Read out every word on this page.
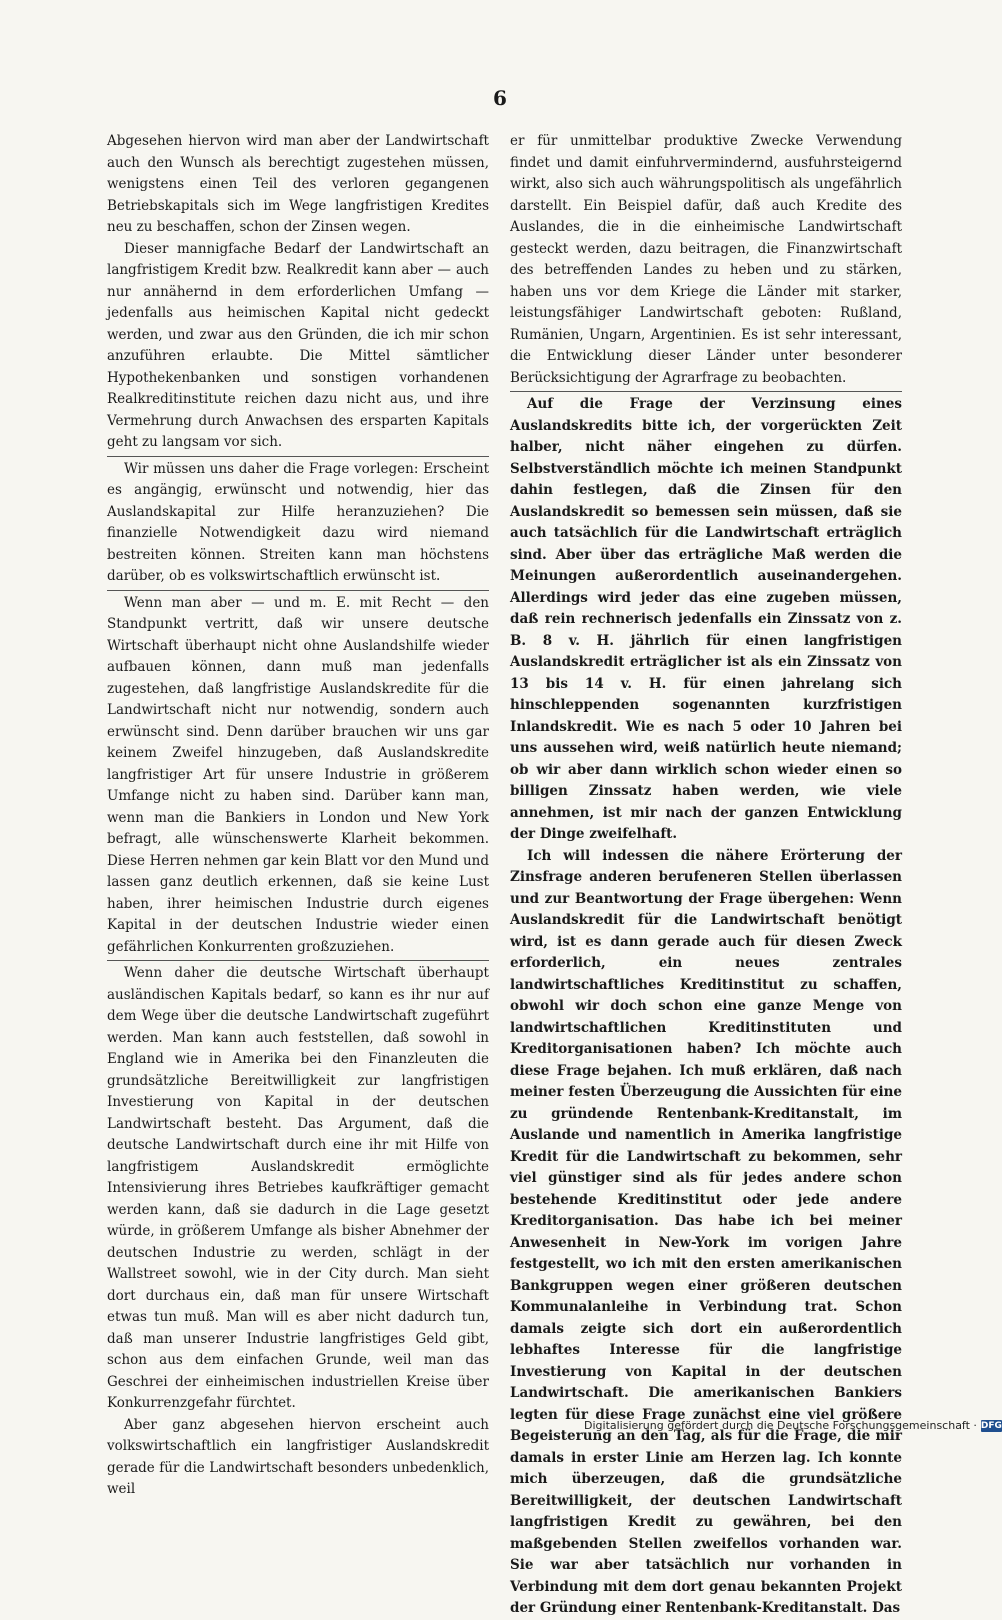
6

Abgesehen hiervon wird man aber der Landwirtschaft auch den Wunsch als berechtigt zugestehen müssen, wenigstens einen Teil des verloren gegangenen Betriebskapitals sich im Wege langfristigen Kredites neu zu beschaffen, schon der Zinsen wegen.

Dieser mannigfache Bedarf der Landwirtschaft an langfristigem Kredit bzw. Realkredit kann aber — auch nur annähernd in dem erforderlichen Umfang — jedenfalls aus heimischen Kapital nicht gedeckt werden, und zwar aus den Gründen, die ich mir schon anzuführen erlaubte. Die Mittel sämtlicher Hypothekenbanken und sonstigen vorhandenen Realkreditinstitute reichen dazu nicht aus, und ihre Vermehrung durch Anwachsen des ersparten Kapitals geht zu langsam vor sich.

Wir müssen uns daher die Frage vorlegen: Erscheint es angängig, erwünscht und notwendig, hier das Auslandskapital zur Hilfe heranzuziehen? Die finanzielle Notwendigkeit dazu wird niemand bestreiten können. Streiten kann man höchstens darüber, ob es volkswirtschaftlich erwünscht ist.

Wenn man aber — und m. E. mit Recht — den Standpunkt vertritt, daß wir unsere deutsche Wirtschaft überhaupt nicht ohne Auslandshilfe wieder aufbauen können, dann muß man jedenfalls zugestehen, daß langfristige Auslandskredite für die Landwirtschaft nicht nur notwendig, sondern auch erwünscht sind. Denn darüber brauchen wir uns gar keinem Zweifel hinzugeben, daß Auslandskredite langfristiger Art für unsere Industrie in größerem Umfange nicht zu haben sind. Darüber kann man, wenn man die Bankiers in London und New York befragt, alle wünschenswerte Klarheit bekommen. Diese Herren nehmen gar kein Blatt vor den Mund und lassen ganz deutlich erkennen, daß sie keine Lust haben, ihrer heimischen Industrie durch eigenes Kapital in der deutschen Industrie wieder einen gefährlichen Konkurrenten großzuziehen.

Wenn daher die deutsche Wirtschaft überhaupt ausländischen Kapitals bedarf, so kann es ihr nur auf dem Wege über die deutsche Landwirtschaft zugeführt werden. Man kann auch feststellen, daß sowohl in England wie in Amerika bei den Finanzleuten die grundsätzliche Bereitwilligkeit zur langfristigen Investierung von Kapital in der deutschen Landwirtschaft besteht. Das Argument, daß die deutsche Landwirtschaft durch eine ihr mit Hilfe von langfristigem Auslandskredit ermöglichte Intensivierung ihres Betriebes kaufkräftiger gemacht werden kann, daß sie dadurch in die Lage gesetzt würde, in größerem Umfange als bisher Abnehmer der deutschen Industrie zu werden, schlägt in der Wallstreet sowohl, wie in der City durch. Man sieht dort durchaus ein, daß man für unsere Wirtschaft etwas tun muß. Man will es aber nicht dadurch tun, daß man unserer Industrie langfristiges Geld gibt, schon aus dem einfachen Grunde, weil man das Geschrei der einheimischen industriellen Kreise über Konkurrenzgefahr fürchtet.

Aber ganz abgesehen hiervon erscheint auch volkswirtschaftlich ein langfristiger Auslandskredit gerade für die Landwirtschaft besonders unbedenklich, weil

er für unmittelbar produktive Zwecke Verwendung findet und damit einfuhrvermindernd, ausfuhrsteigernd wirkt, also sich auch währungspolitisch als ungefährlich darstellt. Ein Beispiel dafür, daß auch Kredite des Auslandes, die in die einheimische Landwirtschaft gesteckt werden, dazu beitragen, die Finanzwirtschaft des betreffenden Landes zu heben und zu stärken, haben uns vor dem Kriege die Länder mit starker, leistungsfähiger Landwirtschaft geboten: Rußland, Rumänien, Ungarn, Argentinien. Es ist sehr interessant, die Entwicklung dieser Länder unter besonderer Berücksichtigung der Agrarfrage zu beobachten.

Auf die Frage der Verzinsung eines Auslandskredits bitte ich, der vorgerückten Zeit halber, nicht näher eingehen zu dürfen. Selbstverständlich möchte ich meinen Standpunkt dahin festlegen, daß die Zinsen für den Auslandskredit so bemessen sein müssen, daß sie auch tatsächlich für die Landwirtschaft erträglich sind. Aber über das erträgliche Maß werden die Meinungen außerordentlich auseinandergehen. Allerdings wird jeder das eine zugeben müssen, daß rein rechnerisch jedenfalls ein Zinssatz von z. B. 8 v. H. jährlich für einen langfristigen Auslandskredit erträglicher ist als ein Zinssatz von 13 bis 14 v. H. für einen jahrelang sich hinschleppenden sogenannten kurzfristigen Inlandskredit. Wie es nach 5 oder 10 Jahren bei uns aussehen wird, weiß natürlich heute niemand; ob wir aber dann wirklich schon wieder einen so billigen Zinssatz haben werden, wie viele annehmen, ist mir nach der ganzen Entwicklung der Dinge zweifelhaft.

Ich will indessen die nähere Erörterung der Zinsfrage anderen berufeneren Stellen überlassen und zur Beantwortung der Frage übergehen: Wenn Auslandskredit für die Landwirtschaft benötigt wird, ist es dann gerade auch für diesen Zweck erforderlich, ein neues zentrales landwirtschaftliches Kreditinstitut zu schaffen, obwohl wir doch schon eine ganze Menge von landwirtschaftlichen Kreditinstituten und Kreditorganisationen haben? Ich möchte auch diese Frage bejahen. Ich muß erklären, daß nach meiner festen Überzeugung die Aussichten für eine zu gründende Rentenbank-Kreditanstalt, im Auslande und namentlich in Amerika langfristige Kredit für die Landwirtschaft zu bekommen, sehr viel günstiger sind als für jedes andere schon bestehende Kreditinstitut oder jede andere Kreditorganisation. Das habe ich bei meiner Anwesenheit in New-York im vorigen Jahre festgestellt, wo ich mit den ersten amerikanischen Bankgruppen wegen einer größeren deutschen Kommunalanleihe in Verbindung trat. Schon damals zeigte sich dort ein außerordentlich lebhaftes Interesse für die langfristige Investierung von Kapital in der deutschen Landwirtschaft. Die amerikanischen Bankiers legten für diese Frage zunächst eine viel größere Begeisterung an den Tag, als für die Frage, die mir damals in erster Linie am Herzen lag. Ich konnte mich überzeugen, daß die grundsätzliche Bereitwilligkeit, der deutschen Landwirtschaft langfristigen Kredit zu gewähren, bei den maßgebenden Stellen zweifellos vorhanden war. Sie war aber tatsächlich nur vorhanden in Verbindung mit dem dort genau bekannten Projekt der Gründung einer Rentenbank-Kreditanstalt. Das

Digitalisierung gefördert durch die Deutsche Forschungsgemeinschaft · DFG
